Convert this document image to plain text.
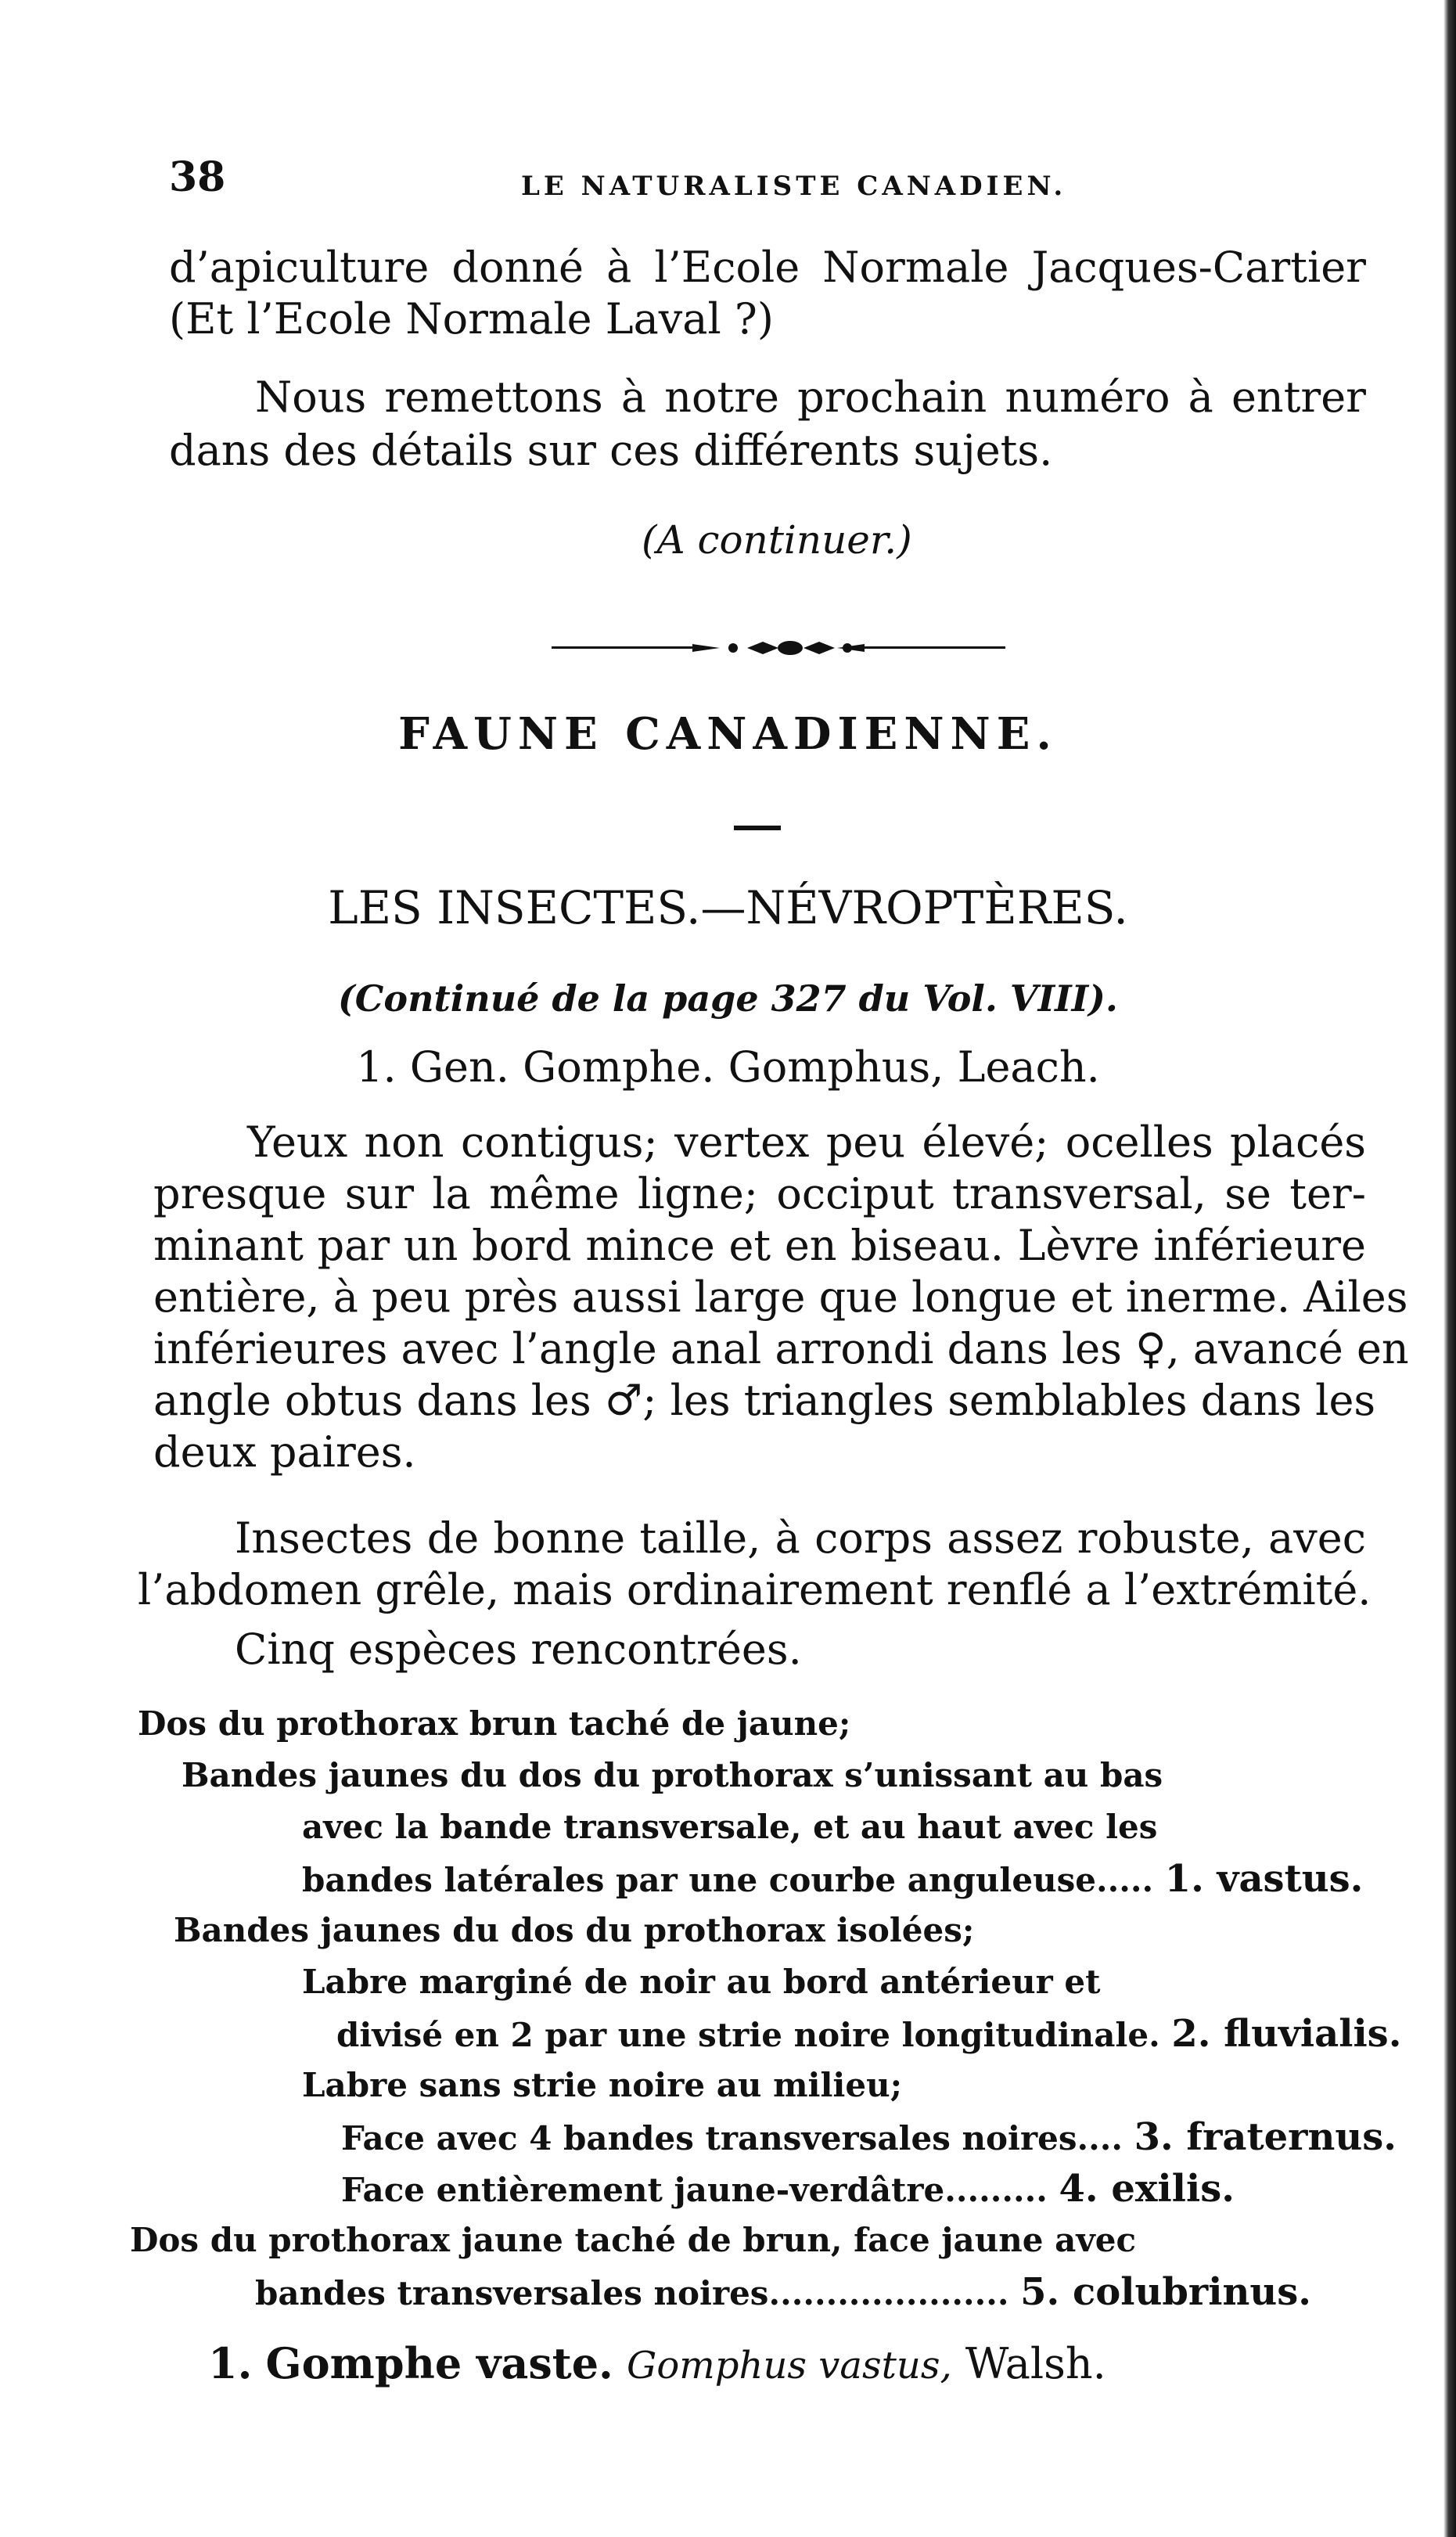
38	LE NATURALISTE CANADIEN.
d’apiculture donné à l’Ecole Normale Jacques-Cartier
(Et l’Ecole Normale Laval ?)
Nous remettons à notre prochain numéro à entrer
dans des détails sur ces différents sujets.
(A continuer.)
FAUNE CANADIENNE.
LES INSECTES.—NÉVROPTÈRES.
(Continué de la page 327 du Vol. VIII).
1. Gen. Gomphe. Gomphus, Leach.
Yeux non contigus; vertex peu élevé; ocelles placés
presque sur la même ligne; occiput transversal, se ter-
minant par un bord mince et en biseau. Lèvre inférieure
entière, à peu près aussi large que longue et inerme. Ailes
inférieures avec l’angle anal arrondi dans les ♀, avancé en
angle obtus dans les ♂; les triangles semblables dans les
deux paires.
Insectes de bonne taille, à corps assez robuste, avec
l’abdomen grêle, mais ordinairement renflé a l’extrémité.
Cinq espèces rencontrées.
Dos du prothorax brun taché de jaune;
Bandes jaunes du dos du prothorax s’unissant au bas
avec la bande transversale, et au haut avec les
bandes latérales par une courbe anguleuse..... 1. vastus.
Bandes jaunes du dos du prothorax isolées;
Labre marginé de noir au bord antérieur et
divisé en 2 par une strie noire longitudinale. 2. fluvialis.
Labre sans strie noire au milieu;
Face avec 4 bandes transversales noires.... 3. fraternus.
Face entièrement jaune-verdâtre......... 4. exilis.
Dos du prothorax jaune taché de brun, face jaune avec
bandes transversales noires..................... 5. colubrinus.
1. Gomphe vaste. Gomphus vastus, Walsh.
